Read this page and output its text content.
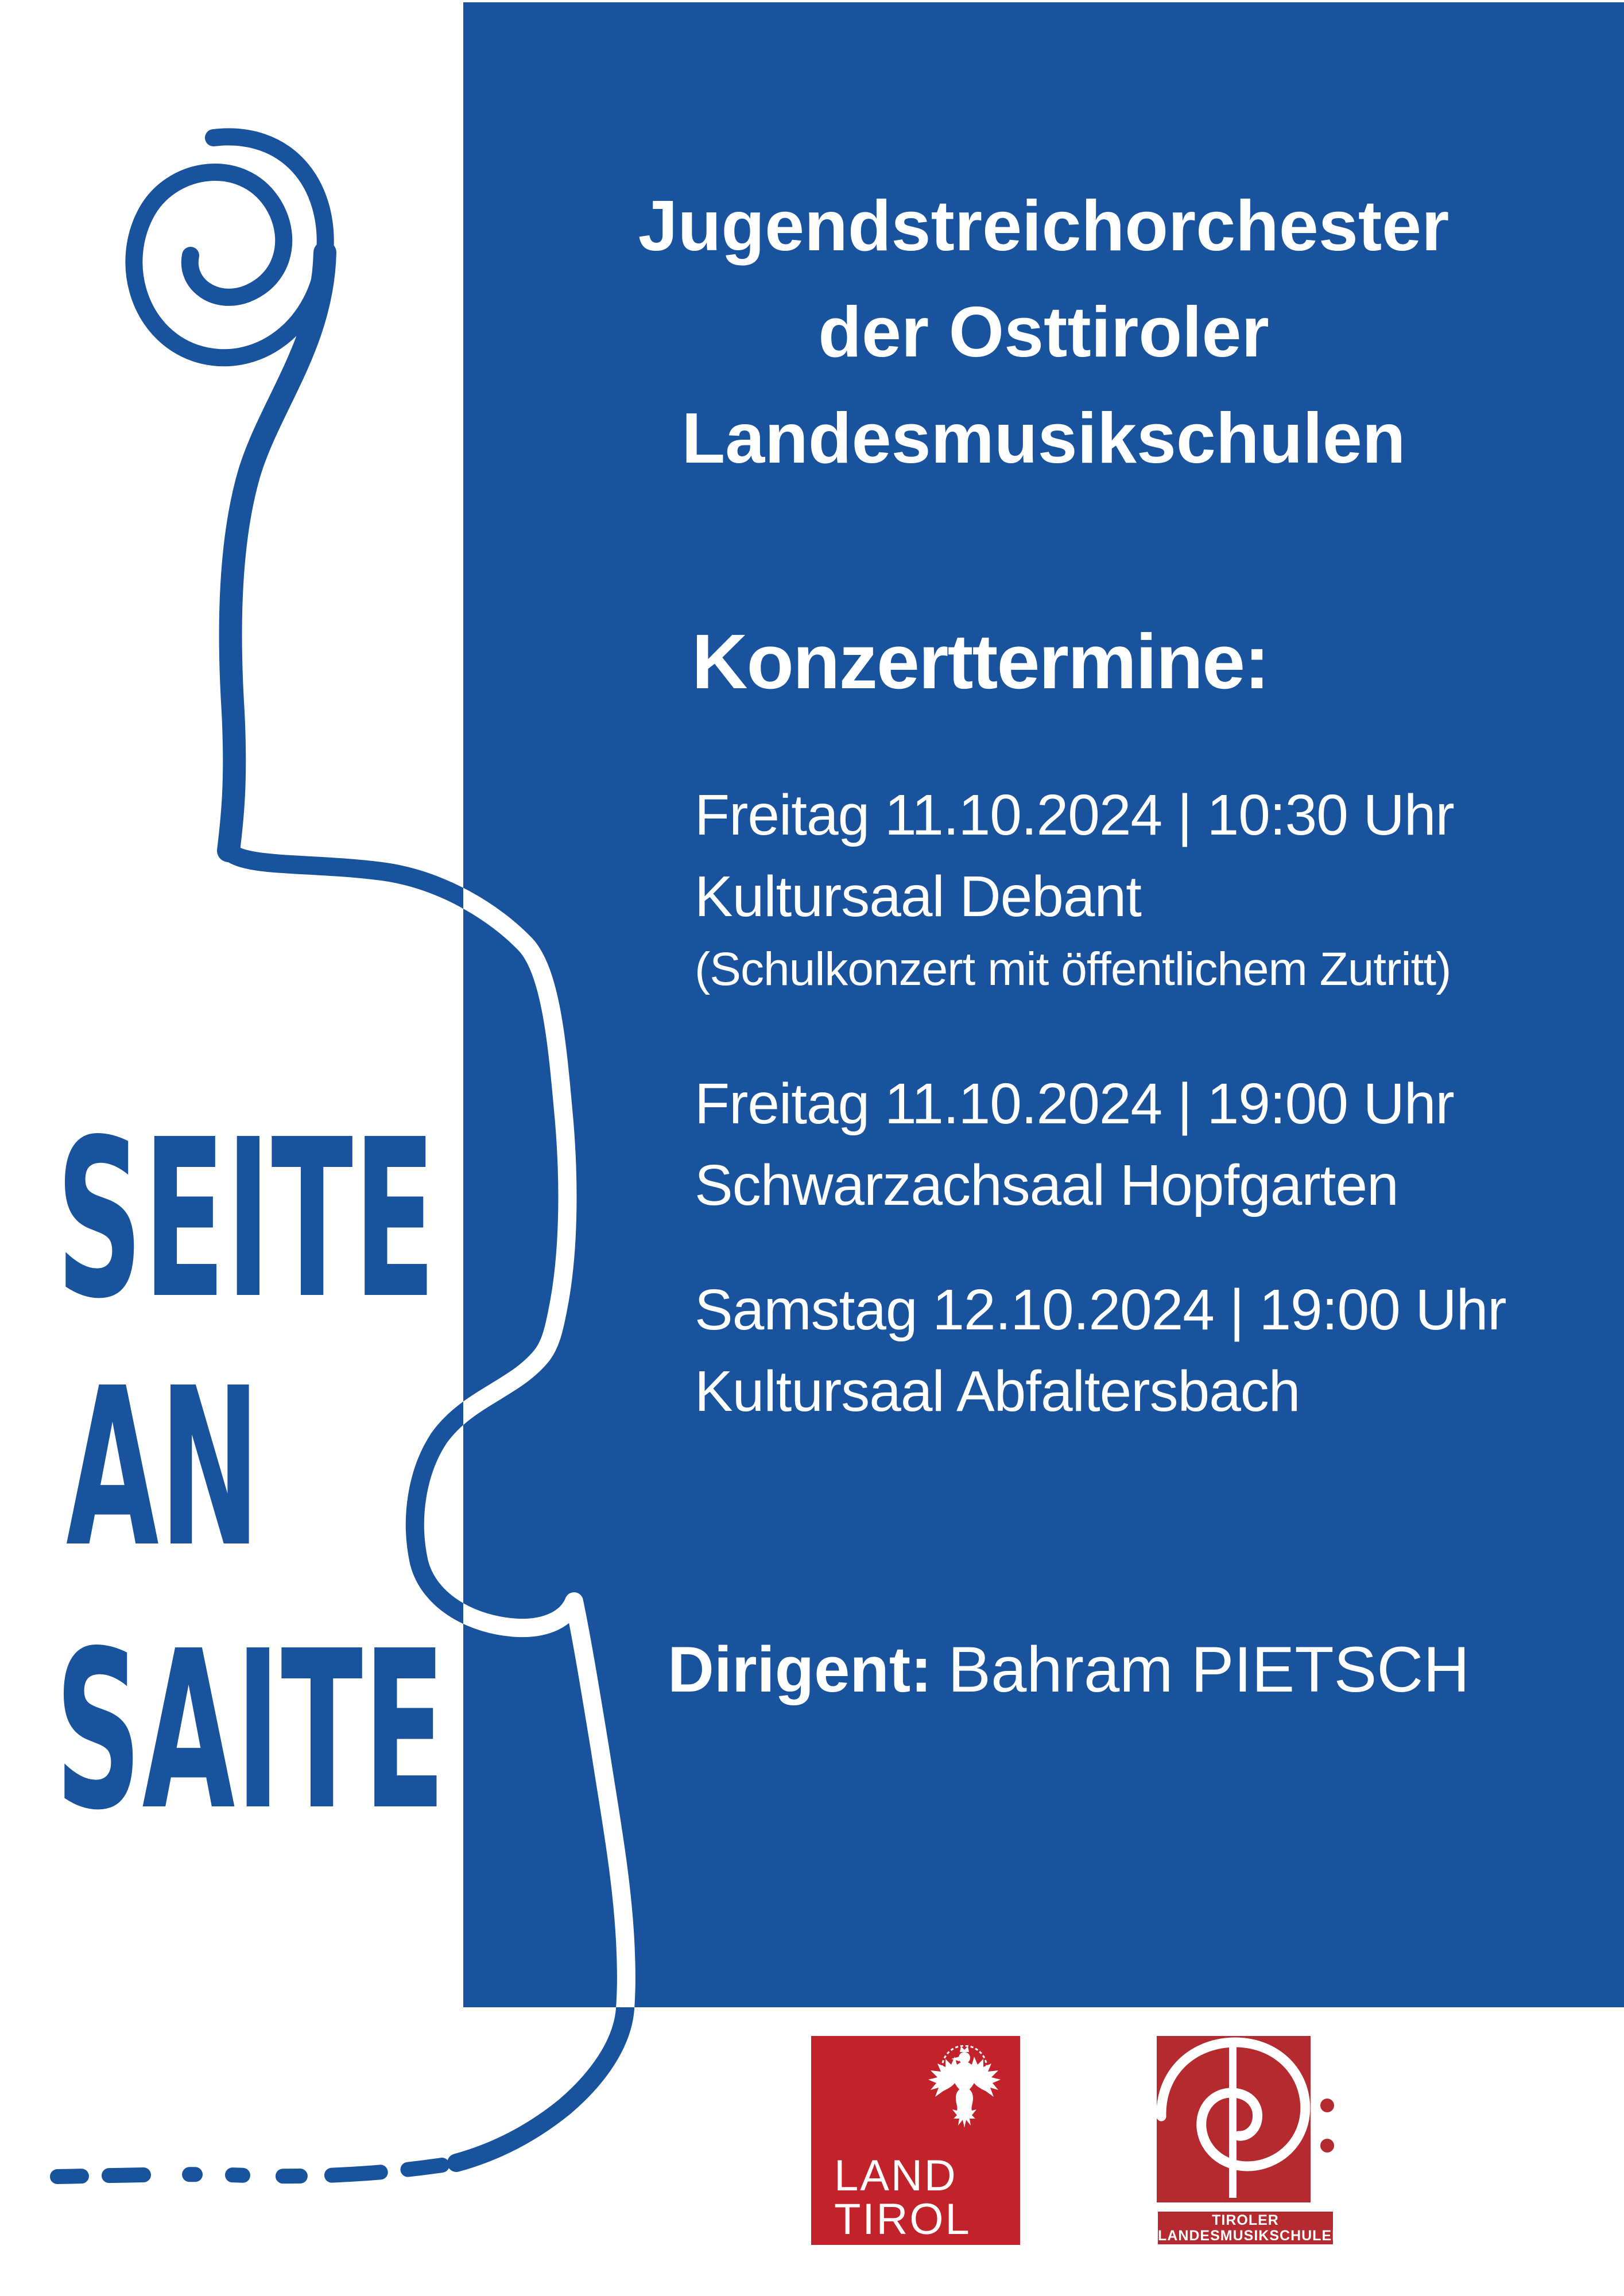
Jugendstreichorchester
der Osttiroler
Landesmusikschulen
Konzerttermine:
Freitag 11.10.2024 | 10:30 Uhr
Kultursaal Debant
(Schulkonzert mit öffentlichem Zutritt)
Freitag 11.10.2024 | 19:00 Uhr
Schwarzachsaal Hopfgarten
Samstag 12.10.2024 | 19:00 Uhr
Kultursaal Abfaltersbach
Dirigent: Bahram PIETSCH
SEITE
AN
SAITE
LAND
TIROL	TIROLER
LANDESMUSIKSCHULEN
